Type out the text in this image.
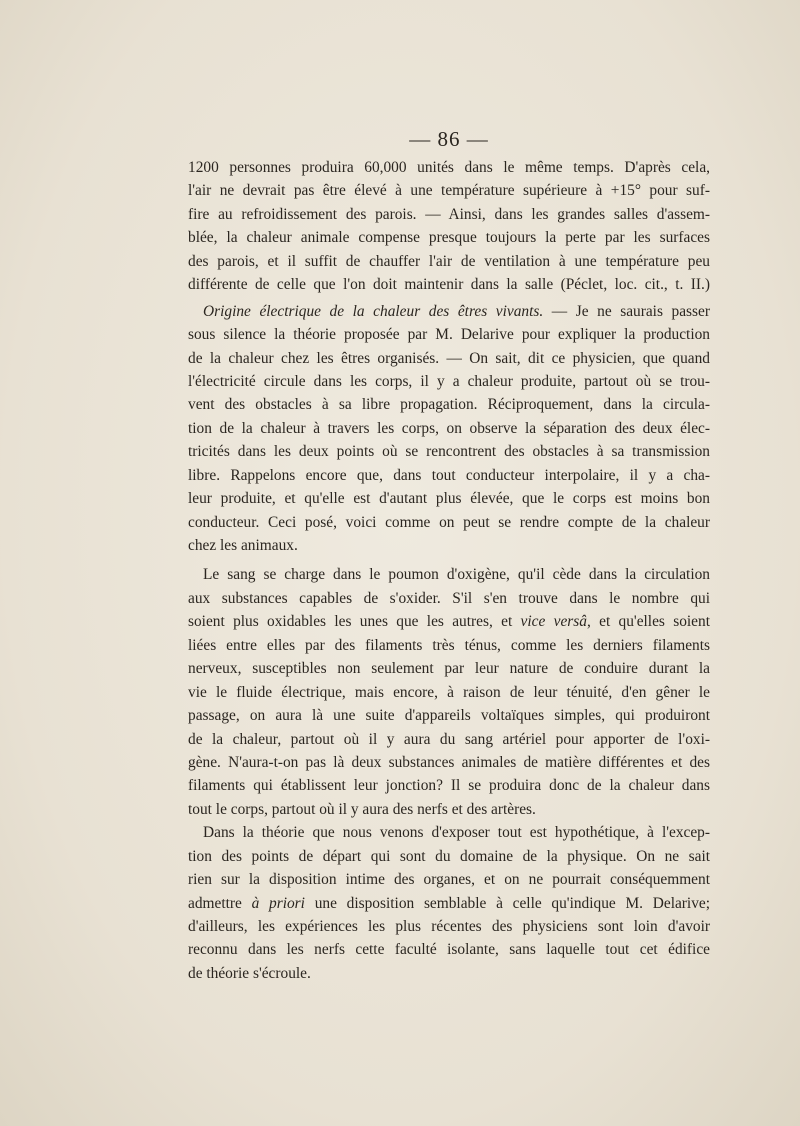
— 86 —
1200 personnes produira 60,000 unités dans le même temps. D'après cela,
l'air ne devrait pas être élevé à une température supérieure à +15° pour suf-
fire au refroidissement des parois. — Ainsi, dans les grandes salles d'assem-
blée, la chaleur animale compense presque toujours la perte par les surfaces
des parois, et il suffit de chauffer l'air de ventilation à une température peu
différente de celle que l'on doit maintenir dans la salle (Péclet, loc. cit., t. II.)
Origine électrique de la chaleur des êtres vivants. — Je ne saurais passer
sous silence la théorie proposée par M. Delarive pour expliquer la production
de la chaleur chez les êtres organisés. — On sait, dit ce physicien, que quand
l'électricité circule dans les corps, il y a chaleur produite, partout où se trou-
vent des obstacles à sa libre propagation. Réciproquement, dans la circula-
tion de la chaleur à travers les corps, on observe la séparation des deux élec-
tricités dans les deux points où se rencontrent des obstacles à sa transmission
libre. Rappelons encore que, dans tout conducteur interpolaire, il y a cha-
leur produite, et qu'elle est d'autant plus élevée, que le corps est moins bon
conducteur. Ceci posé, voici comme on peut se rendre compte de la chaleur
chez les animaux.
Le sang se charge dans le poumon d'oxigène, qu'il cède dans la circulation
aux substances capables de s'oxider. S'il s'en trouve dans le nombre qui
soient plus oxidables les unes que les autres, et vice versâ, et qu'elles soient
liées entre elles par des filaments très ténus, comme les derniers filaments
nerveux, susceptibles non seulement par leur nature de conduire durant la
vie le fluide électrique, mais encore, à raison de leur ténuité, d'en gêner le
passage, on aura là une suite d'appareils voltaïques simples, qui produiront
de la chaleur, partout où il y aura du sang artériel pour apporter de l'oxi-
gène. N'aura-t-on pas là deux substances animales de matière différentes et des
filaments qui établissent leur jonction? Il se produira donc de la chaleur dans
tout le corps, partout où il y aura des nerfs et des artères.
Dans la théorie que nous venons d'exposer tout est hypothétique, à l'excep-
tion des points de départ qui sont du domaine de la physique. On ne sait
rien sur la disposition intime des organes, et on ne pourrait conséquemment
admettre à priori une disposition semblable à celle qu'indique M. Delarive;
d'ailleurs, les expériences les plus récentes des physiciens sont loin d'avoir
reconnu dans les nerfs cette faculté isolante, sans laquelle tout cet édifice
de théorie s'écroule.
